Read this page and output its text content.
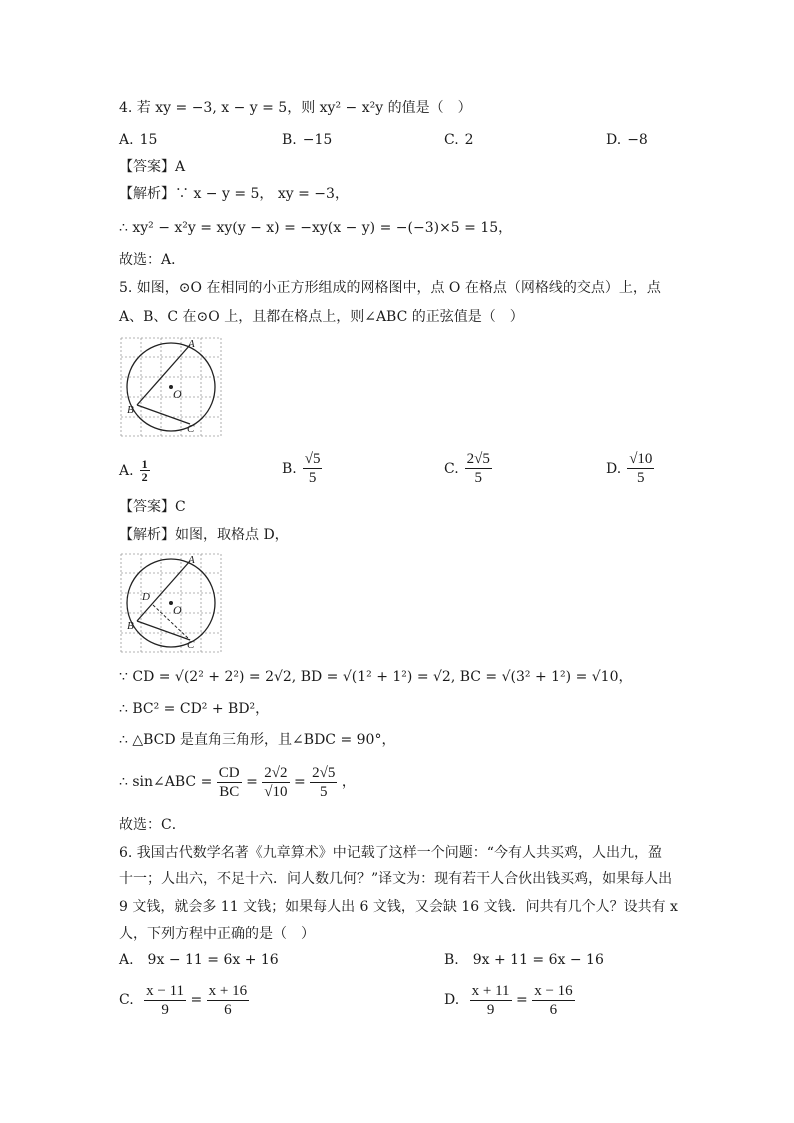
4. 若 xy = −3, x − y = 5，则 xy² − x²y 的值是（　）
A. 15	B. −15	C. 2	D. −8
【答案】A
【解析】∵ x − y = 5， xy = −3，
∴ xy² − x²y = xy(y − x) = −xy(x − y) = −(−3)×5 = 15，
故选：A．
5. 如图，⊙O 在相同的小正方形组成的网格图中，点 O 在格点（网格线的交点）上，点
A、B、C 在⊙O 上，且都在格点上，则∠ABC 的正弦值是（　）
A
O
B
C
A. $\frac{1}{2}$	B. $\frac{√5}{5}$	C. $\frac{2√5}{5}$	D. $\frac{√10}{5}$
【答案】C
【解析】如图，取格点 D，
A
D
O
B
C
∵ CD = √(2² + 2²) = 2√2, BD = √(1² + 1²) = √2, BC = √(3² + 1²) = √10，
∴ BC² = CD² + BD²，
∴ △BCD 是直角三角形，且∠BDC = 90°，
∴ sin∠ABC = $\frac{CD}{BC} = \frac{2√2}{√10} = \frac{2√5}{5}$ ，
故选：C．
6. 我国古代数学名著《九章算术》中记载了这样一个问题：“今有人共买鸡，人出九，盈
十一；人出六，不足十六．问人数几何？”译文为：现有若干人合伙出钱买鸡，如果每人出
9 文钱，就会多 11 文钱；如果每人出 6 文钱，又会缺 16 文钱．问共有几个人？设共有 x
人，下列方程中正确的是（　）
A.　9x − 11 = 6x + 16	B.　9x + 11 = 6x − 16
C. $\frac{x - 11}{9} = \frac{x + 16}{6}$	D. $\frac{x + 11}{9} = \frac{x - 16}{6}$
